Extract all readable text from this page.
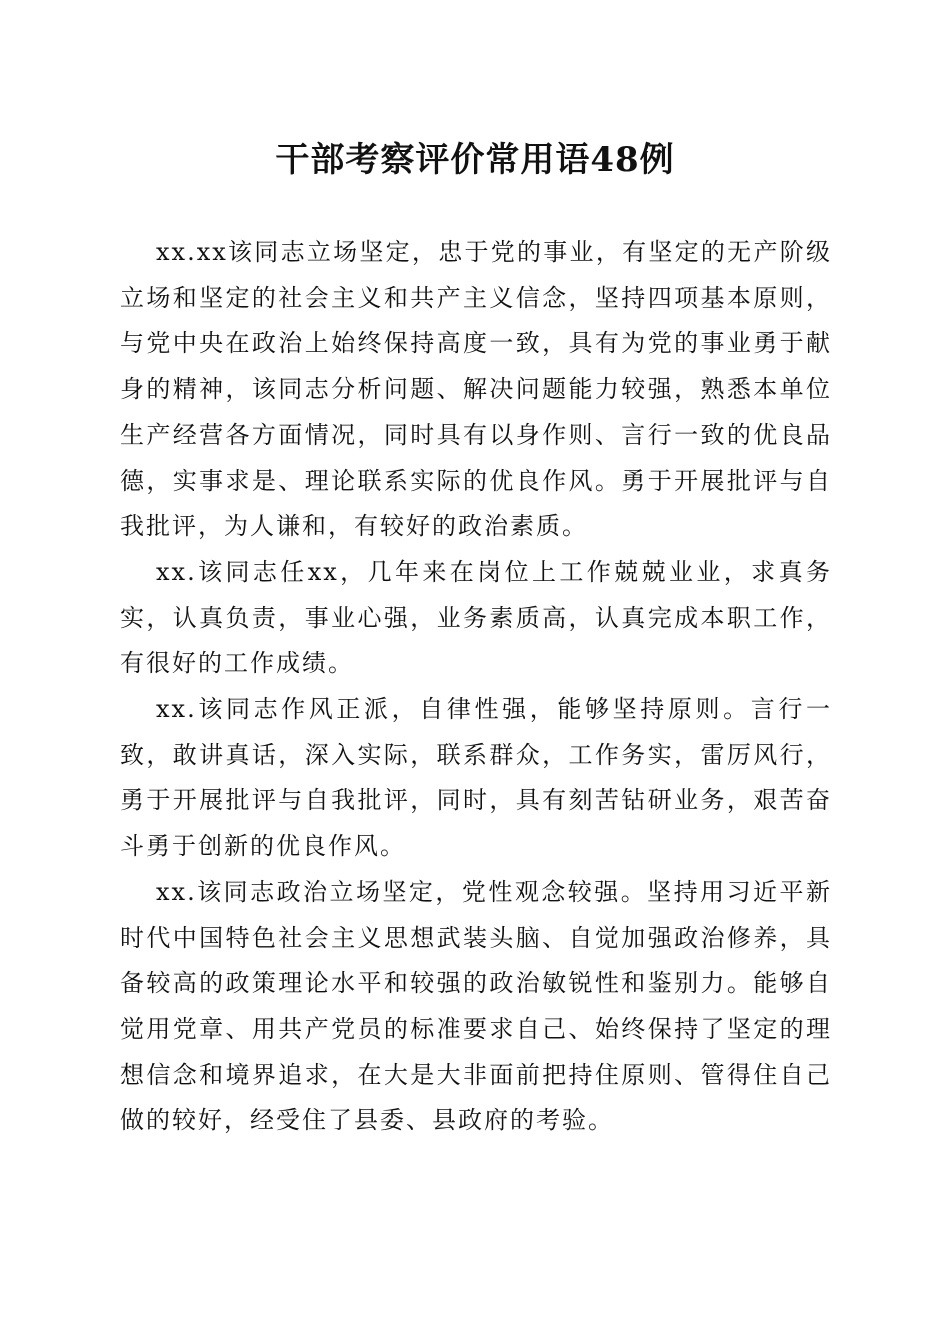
干部考察评价常用语48例

xx.xx该同志立场坚定，忠于党的事业，有坚定的无产阶级立场和坚定的社会主义和共产主义信念，坚持四项基本原则，与党中央在政治上始终保持高度一致，具有为党的事业勇于献身的精神，该同志分析问题、解决问题能力较强，熟悉本单位生产经营各方面情况，同时具有以身作则、言行一致的优良品德，实事求是、理论联系实际的优良作风。勇于开展批评与自我批评，为人谦和，有较好的政治素质。

xx.该同志任xx，几年来在岗位上工作兢兢业业，求真务实，认真负责，事业心强，业务素质高，认真完成本职工作，有很好的工作成绩。

xx.该同志作风正派，自律性强，能够坚持原则。言行一致，敢讲真话，深入实际，联系群众，工作务实，雷厉风行，勇于开展批评与自我批评，同时，具有刻苦钻研业务，艰苦奋斗勇于创新的优良作风。

xx.该同志政治立场坚定，党性观念较强。坚持用习近平新时代中国特色社会主义思想武装头脑、自觉加强政治修养，具备较高的政策理论水平和较强的政治敏锐性和鉴别力。能够自觉用党章、用共产党员的标准要求自己、始终保持了坚定的理想信念和境界追求，在大是大非面前把持住原则、管得住自己做的较好，经受住了县委、县政府的考验。
